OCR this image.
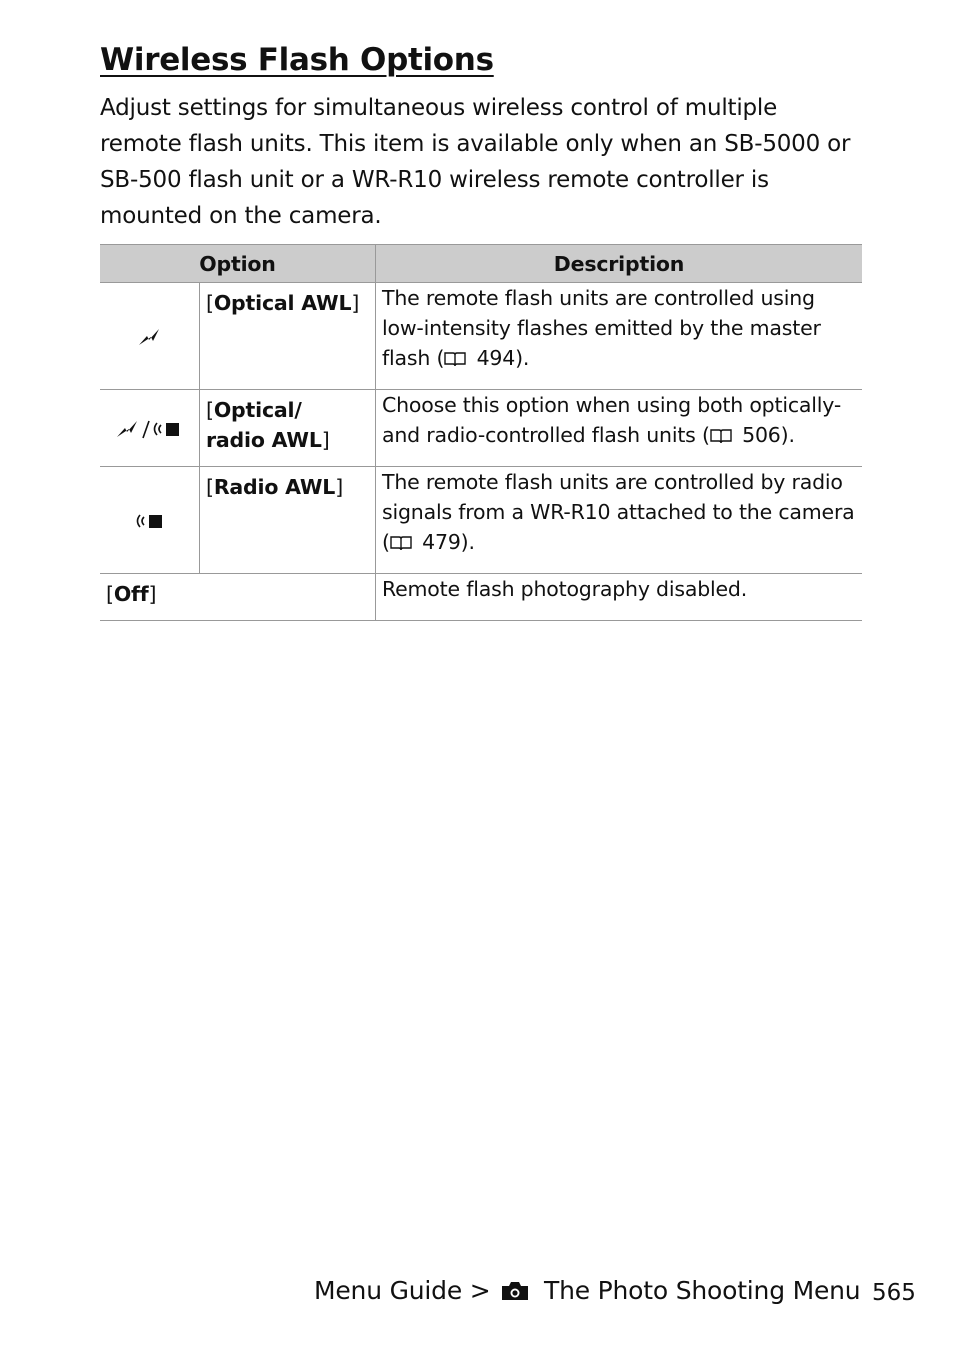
Wireless Flash Options

Adjust settings for simultaneous wireless control of multiple remote flash units. This item is available only when an SB-5000 or SB-500 flash unit or a WR-R10 wireless remote controller is mounted on the camera.

Option		Description
	[Optical AWL]	The remote flash units are controlled using low-intensity flashes emitted by the master flash ( 494).

	[Optical/
radio AWL]	Choose this option when using both optically- and radio-controlled flash units ( 506).
	[Radio AWL]	The remote flash units are controlled by radio signals from a WR-R10 attached to the camera ( 479).
[Off]		Remote flash photography disabled.
Menu Guide > The Photo Shooting Menu 565
